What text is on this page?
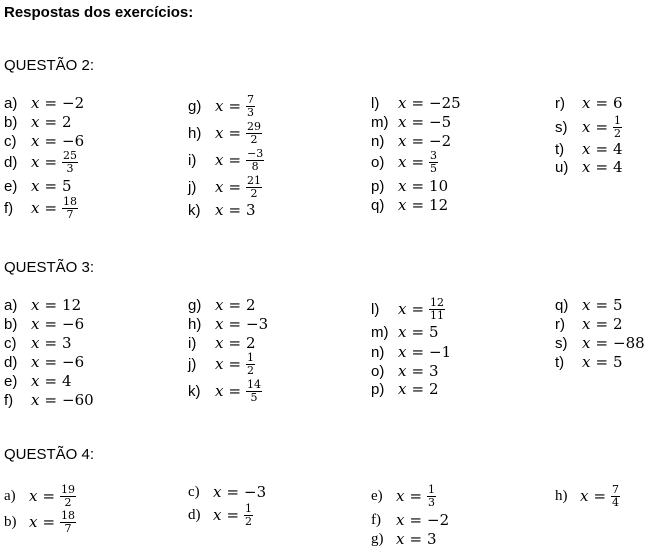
Respostas dos exercícios:
QUESTÃO 2:
a) x = −2
b) x = 2
c) x = −6
d) $x = \frac{25}{3}$
e) x = 5
f)	$x = \frac{18}{7}$
g) $x = \frac{7}{3}$
h) $x = \frac{29}{2}$
i)	$x = \frac{-3}{8}$
j)	$x = \frac{21}{2}$
k) x = 3
l)	x = −25
m) x = −5
n) x = −2
o) $x = \frac{3}{5}$
p) x = 10
q) x = 12
r)	x = 6
s) $x = \frac{1}{2}$
t)	x = 4
u) x = 4
QUESTÃO 3:
a) x = 12
b) x = −6
c) x = 3
d) x = −6
e) x = 4
f)	x = −60
g) x = 2
h) x = −3
i)	x = 2
j)	$x = \frac{1}{2}$
k) $x = \frac{14}{5}$
l)	$x = \frac{12}{11}$
m) x = 5
n) x = −1
o) x = 3
p) x = 2
q) x = 5
r)	x = 2
s) x = −88
t)	x = 5
QUESTÃO 4:
a) $x = \frac{19}{2}$
b) $x = \frac{18}{7}$
c) x = −3
d) $x = \frac{1}{2}$
e) $x = \frac{1}{3}$
f)	x = −2
g) x = 3
h) $x = \frac{7}{4}$
